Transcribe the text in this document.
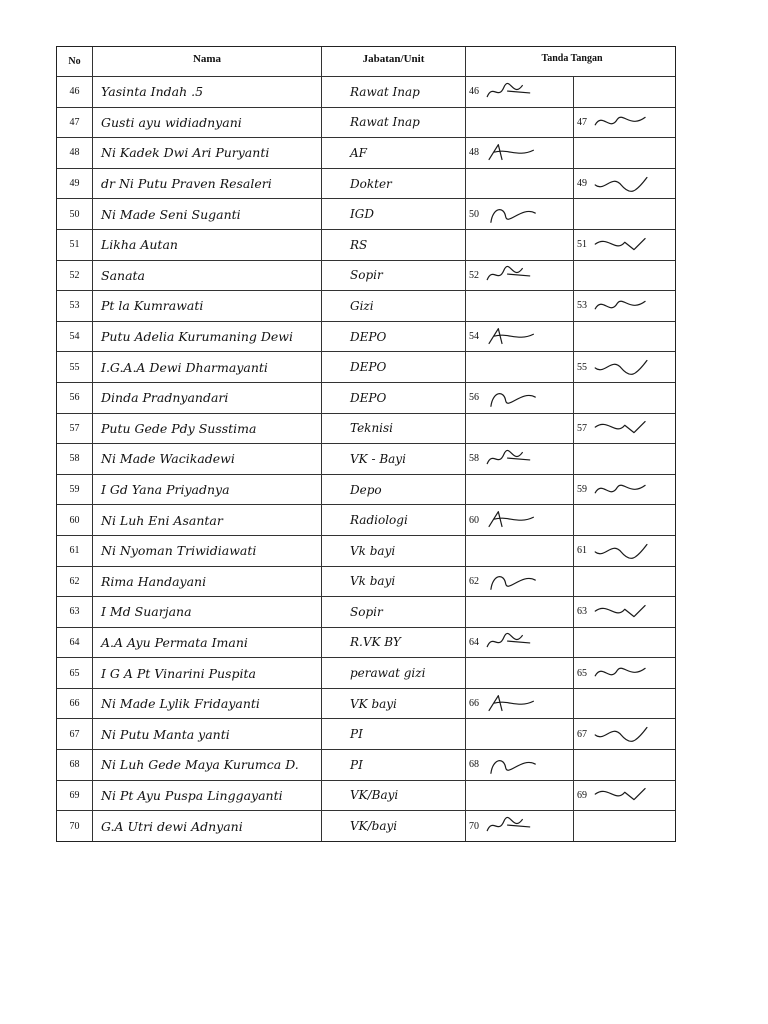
No	Nama	Jabatan/Unit	Tanda Tangan
46	Yasinta Indah .5	Rawat Inap	46
47	Gusti ayu widiadnyani	Rawat Inap	47
48	Ni Kadek Dwi Ari Puryanti	AF	48
49	dr Ni Putu Praven Resaleri	Dokter	49
50	Ni Made Seni Suganti	IGD	50
51	Likha Autan	RS	51
52	Sanata	Sopir	52
53	Pt la Kumrawati	Gizi	53
54	Putu Adelia Kurumaning Dewi	DEPO	54
55	I.G.A.A Dewi Dharmayanti	DEPO	55
56	Dinda Pradnyandari	DEPO	56
57	Putu Gede Pdy Susstima	Teknisi	57
58	Ni Made Wacikadewi	VK - Bayi	58
59	I Gd Yana Priyadnya	Depo	59
60	Ni Luh Eni Asantar	Radiologi	60
61	Ni Nyoman Triwidiawati	Vk bayi	61
62	Rima Handayani	Vk bayi	62
63	I Md Suarjana	Sopir	63
64	A.A Ayu Permata Imani	R.VK BY	64
65	I G A Pt Vinarini Puspita	perawat gizi	65
66	Ni Made Lylik Fridayanti	VK bayi	66
67	Ni Putu Manta yanti	PI	67
68	Ni Luh Gede Maya Kurumca D.	PI	68
69	Ni Pt Ayu Puspa Linggayanti	VK/Bayi	69
70	G.A Utri dewi Adnyani	VK/bayi	70
